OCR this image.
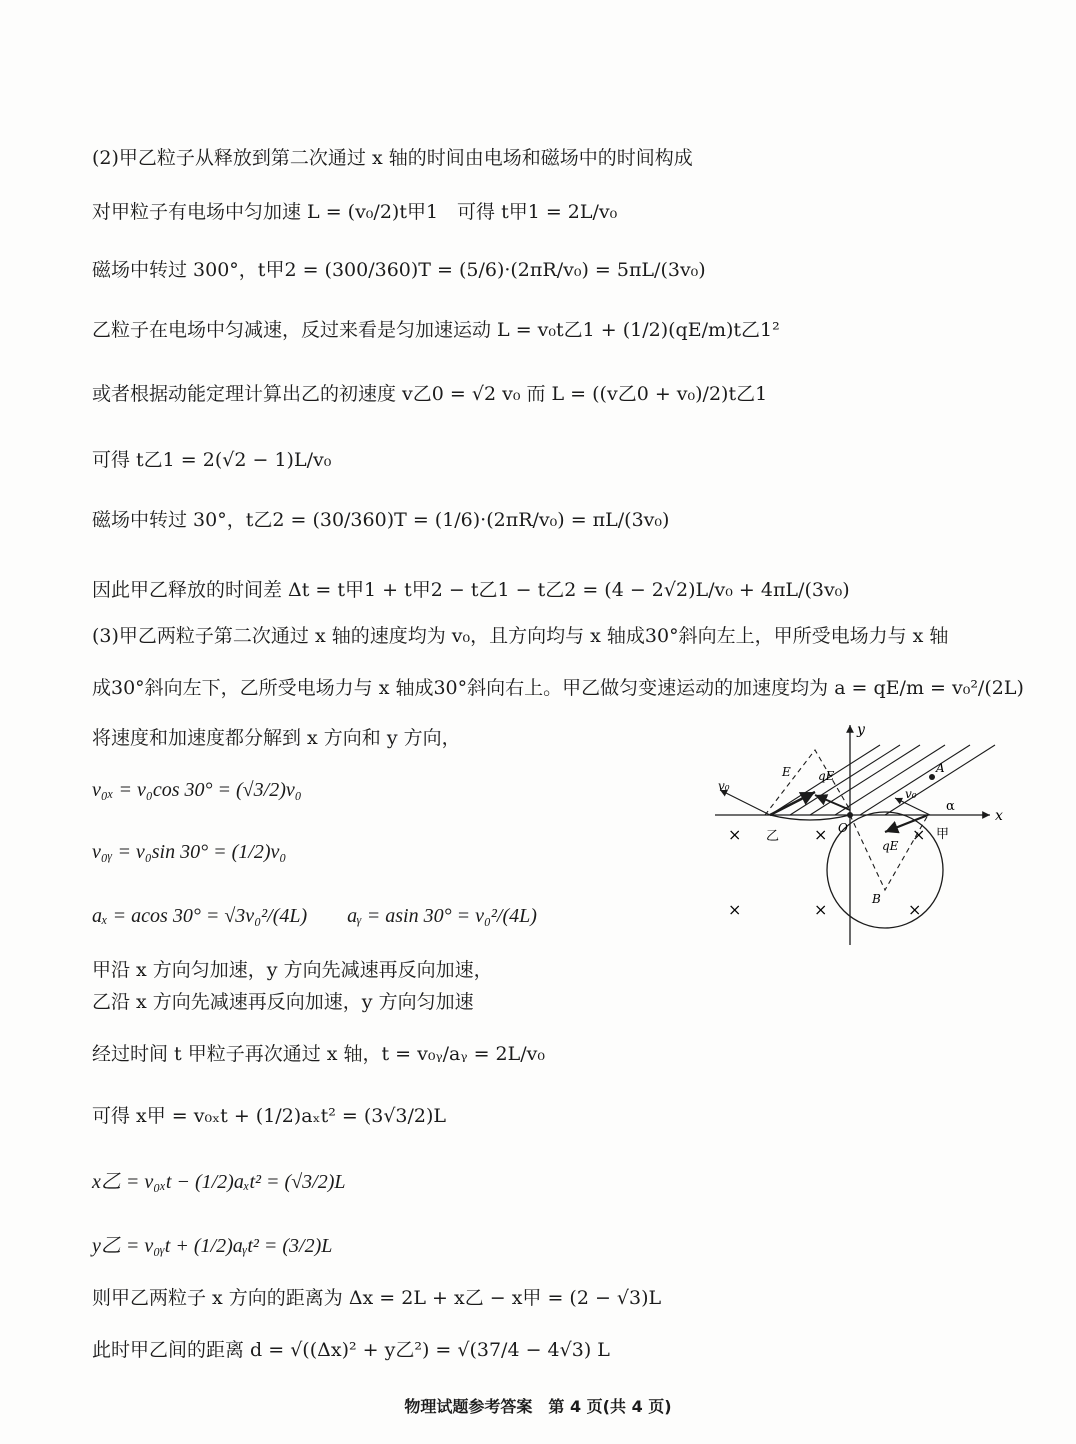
(2)甲乙粒子从释放到第二次通过 x 轴的时间由电场和磁场中的时间构成
对甲粒子有电场中匀加速 L = (v₀/2)t甲1　可得 t甲1 = 2L/v₀
磁场中转过 300°，t甲2 = (300/360)T = (5/6)·(2πR/v₀) = 5πL/(3v₀)
乙粒子在电场中匀减速，反过来看是匀加速运动 L = v₀t乙1 + (1/2)(qE/m)t乙1²
或者根据动能定理计算出乙的初速度 v乙0 = √2 v₀ 而 L = ((v乙0 + v₀)/2)t乙1
可得 t乙1 = 2(√2 − 1)L/v₀
磁场中转过 30°，t乙2 = (30/360)T = (1/6)·(2πR/v₀) = πL/(3v₀)
因此甲乙释放的时间差 Δt = t甲1 + t甲2 − t乙1 − t乙2 = (4 − 2√2)L/v₀ + 4πL/(3v₀)
(3)甲乙两粒子第二次通过 x 轴的速度均为 v₀，且方向均与 x 轴成30°斜向左上，甲所受电场力与 x 轴
成30°斜向左下，乙所受电场力与 x 轴成30°斜向右上。甲乙做匀变速运动的加速度均为 a = qE/m = v₀²/(2L)
将速度和加速度都分解到 x 方向和 y 方向，
v₀ₓ = v₀cos 30° = (√3/2)v₀
v₀ᵧ = v₀sin 30° = (1/2)v₀
aₓ = acos 30° = √3v₀²/(4L)　　aᵧ = asin 30° = v₀²/(4L)
甲沿 x 方向匀加速，y 方向先减速再反向加速，
乙沿 x 方向先减速再反向加速，y 方向匀加速
经过时间 t 甲粒子再次通过 x 轴，t = v₀ᵧ/aᵧ = 2L/v₀
可得 x甲 = v₀ₓt + (1/2)aₓt² = (3√3/2)L
x乙 = v₀ₓt − (1/2)aₓt² = (√3/2)L
y乙 = v₀ᵧt + (1/2)aᵧt² = (3/2)L
则甲乙两粒子 x 方向的距离为 Δx = 2L + x乙 − x甲 = (2 − √3)L
此时甲乙间的距离 d = √((Δx)² + y乙²) = √(37/4 − 4√3) L
x
y
O
A
B
甲
乙
E qE
qE
v₀
v₀
α
×	×	×
×	×	×
物理试题参考答案　第 4 页(共 4 页)
